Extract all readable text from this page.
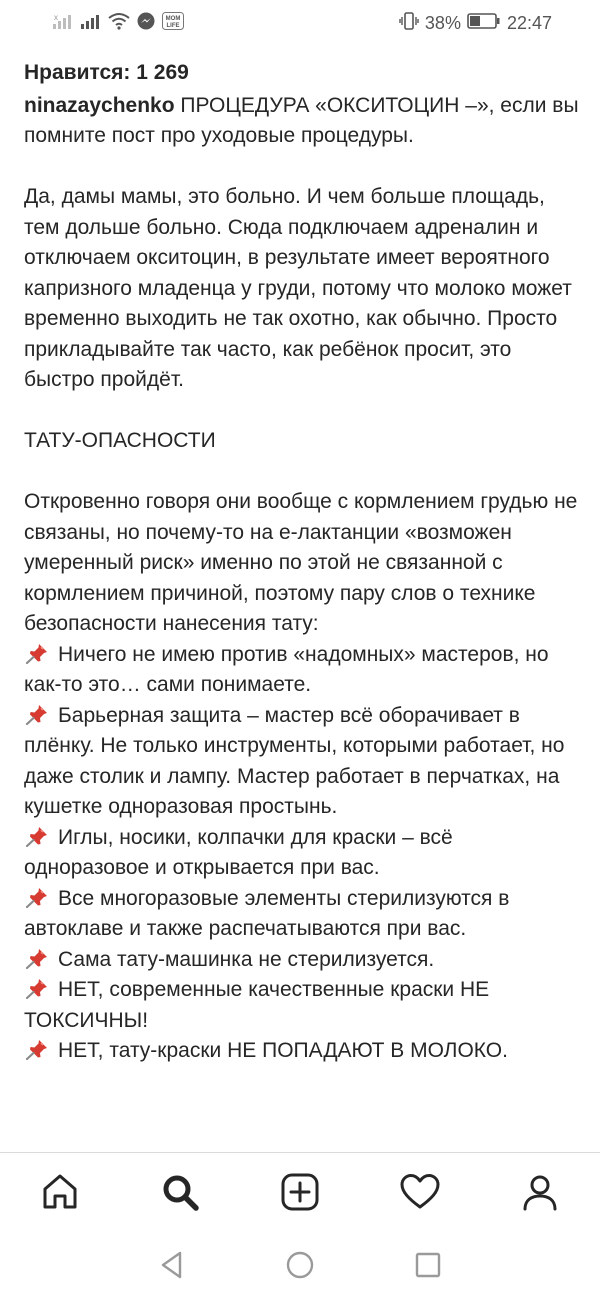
x	MOM
LIFE	38%	22:47

Нравится: 1 269

ninazaychenko ПРОЦЕДУРА «ОКСИТОЦИН –», если вы помните пост про уходовые процедуры.

Да, дамы мамы, это больно. И чем больше площадь, тем дольше больно. Сюда подключаем адреналин и отключаем окситоцин, в результате имеет вероятного капризного младенца у груди, потому что молоко может временно выходить не так охотно, как обычно. Просто прикладывайте так часто, как ребёнок просит, это быстро пройдёт.

ТАТУ-ОПАСНОСТИ

Откровенно говоря они вообще с кормлением грудью не связаны, но почему-то на е-лактанции «возможен умеренный риск» именно по этой не связанной с кормлением причиной, поэтому пару слов о технике безопасности нанесения тату:

Ничего не имею против «надомных» мастеров, но как-то это… сами понимаете.

Барьерная защита – мастер всё оборачивает в плёнку. Не только инструменты, которыми работает, но даже столик и лампу. Мастер работает в перчатках, на кушетке одноразовая простынь.

Иглы, носики, колпачки для краски – всё одноразовое и открывается при вас.

Все многоразовые элементы стерилизуются в автоклаве и также распечатываются при вас.

Сама тату-машинка не стерилизуется.

НЕТ, современные качественные краски НЕ ТОКСИЧНЫ!

НЕТ, тату-краски НЕ ПОПАДАЮТ В МОЛОКО.
